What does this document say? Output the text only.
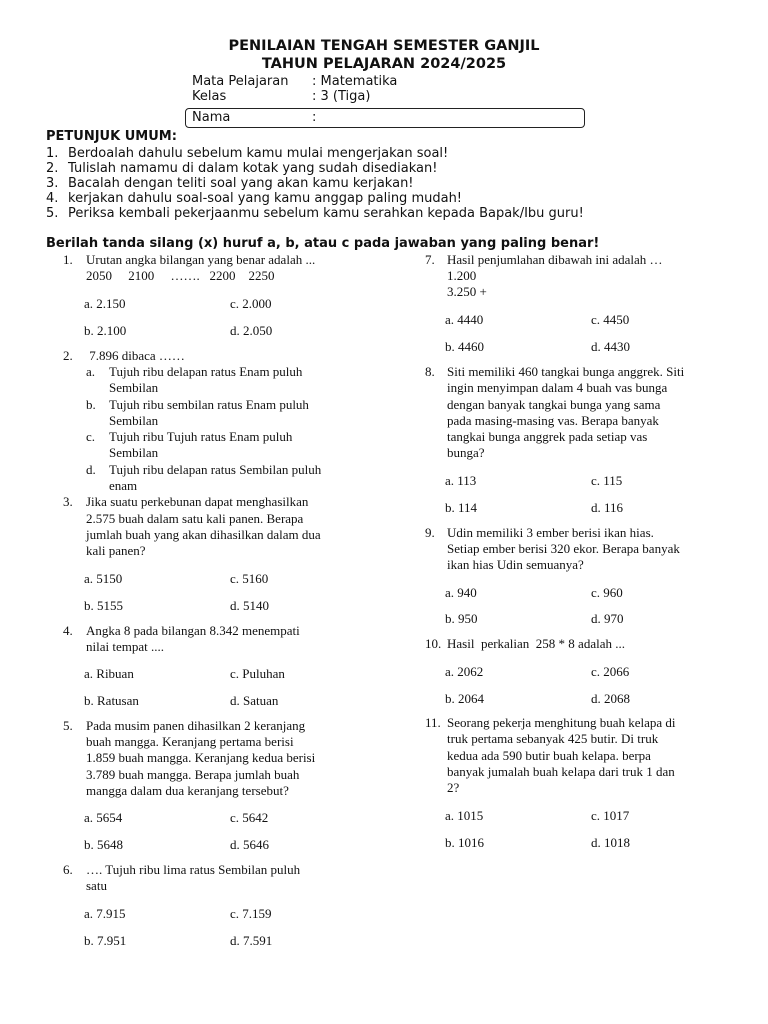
PENILAIAN TENGAH SEMESTER GANJIL
TAHUN PELAJARAN 2024/2025
Mata Pelajaran : Matematika
Kelas	: 3 (Tiga)
Nama	:
PETUNJUK UMUM:
1. Berdoalah dahulu sebelum kamu mulai mengerjakan soal!
2. Tulislah namamu di dalam kotak yang sudah disediakan!
3. Bacalah dengan teliti soal yang akan kamu kerjakan!
4. kerjakan dahulu soal-soal yang kamu anggap paling mudah!
5. Periksa kembali pekerjaanmu sebelum kamu serahkan kepada Bapak/Ibu guru!
Berilah tanda silang (x) huruf a, b, atau c pada jawaban yang paling benar!
1. Urutan angka bilangan yang benar adalah ...
2050     2100     …….   2200    2250
a. 2.150	c. 2.000
b. 2.100	d. 2.050
2. 7.896 dibaca ……
a. Tujuh ribu delapan ratus Enam puluh
Sembilan
b. Tujuh ribu sembilan ratus Enam puluh
Sembilan
c. Tujuh ribu Tujuh ratus Enam puluh
Sembilan
d. Tujuh ribu delapan ratus Sembilan puluh
enam
3. Jika suatu perkebunan dapat menghasilkan
2.575 buah dalam satu kali panen. Berapa
jumlah buah yang akan dihasilkan dalam dua
kali panen?
a. 5150	c. 5160
b. 5155	d. 5140
4. Angka 8 pada bilangan 8.342 menempati
nilai tempat ....
a. Ribuan	c. Puluhan
b. Ratusan	d. Satuan
5. Pada musim panen dihasilkan 2 keranjang
buah mangga. Keranjang pertama berisi
1.859 buah mangga. Keranjang kedua berisi
3.789 buah mangga. Berapa jumlah buah
mangga dalam dua keranjang tersebut?
a. 5654	c. 5642
b. 5648	d. 5646
6. …. Tujuh ribu lima ratus Sembilan puluh
satu
a. 7.915	c. 7.159
b. 7.951	d. 7.591
7. Hasil penjumlahan dibawah ini adalah …
1.200
3.250 +
a. 4440	c. 4450
b. 4460	d. 4430
8. Siti memiliki 460 tangkai bunga anggrek. Siti
ingin menyimpan dalam 4 buah vas bunga
dengan banyak tangkai bunga yang sama
pada masing-masing vas. Berapa banyak
tangkai bunga anggrek pada setiap vas
bunga?
a. 113	c. 115
b. 114	d. 116
9. Udin memiliki 3 ember berisi ikan hias.
Setiap ember berisi 320 ekor. Berapa banyak
ikan hias Udin semuanya?
a. 940	c. 960
b. 950	d. 970
10. Hasil  perkalian  258 * 8 adalah ...
a. 2062	c. 2066
b. 2064	d. 2068
11. Seorang pekerja menghitung buah kelapa di
truk pertama sebanyak 425 butir. Di truk
kedua ada 590 butir buah kelapa. berpa
banyak jumalah buah kelapa dari truk 1 dan
2?
a. 1015	c. 1017
b. 1016	d. 1018
